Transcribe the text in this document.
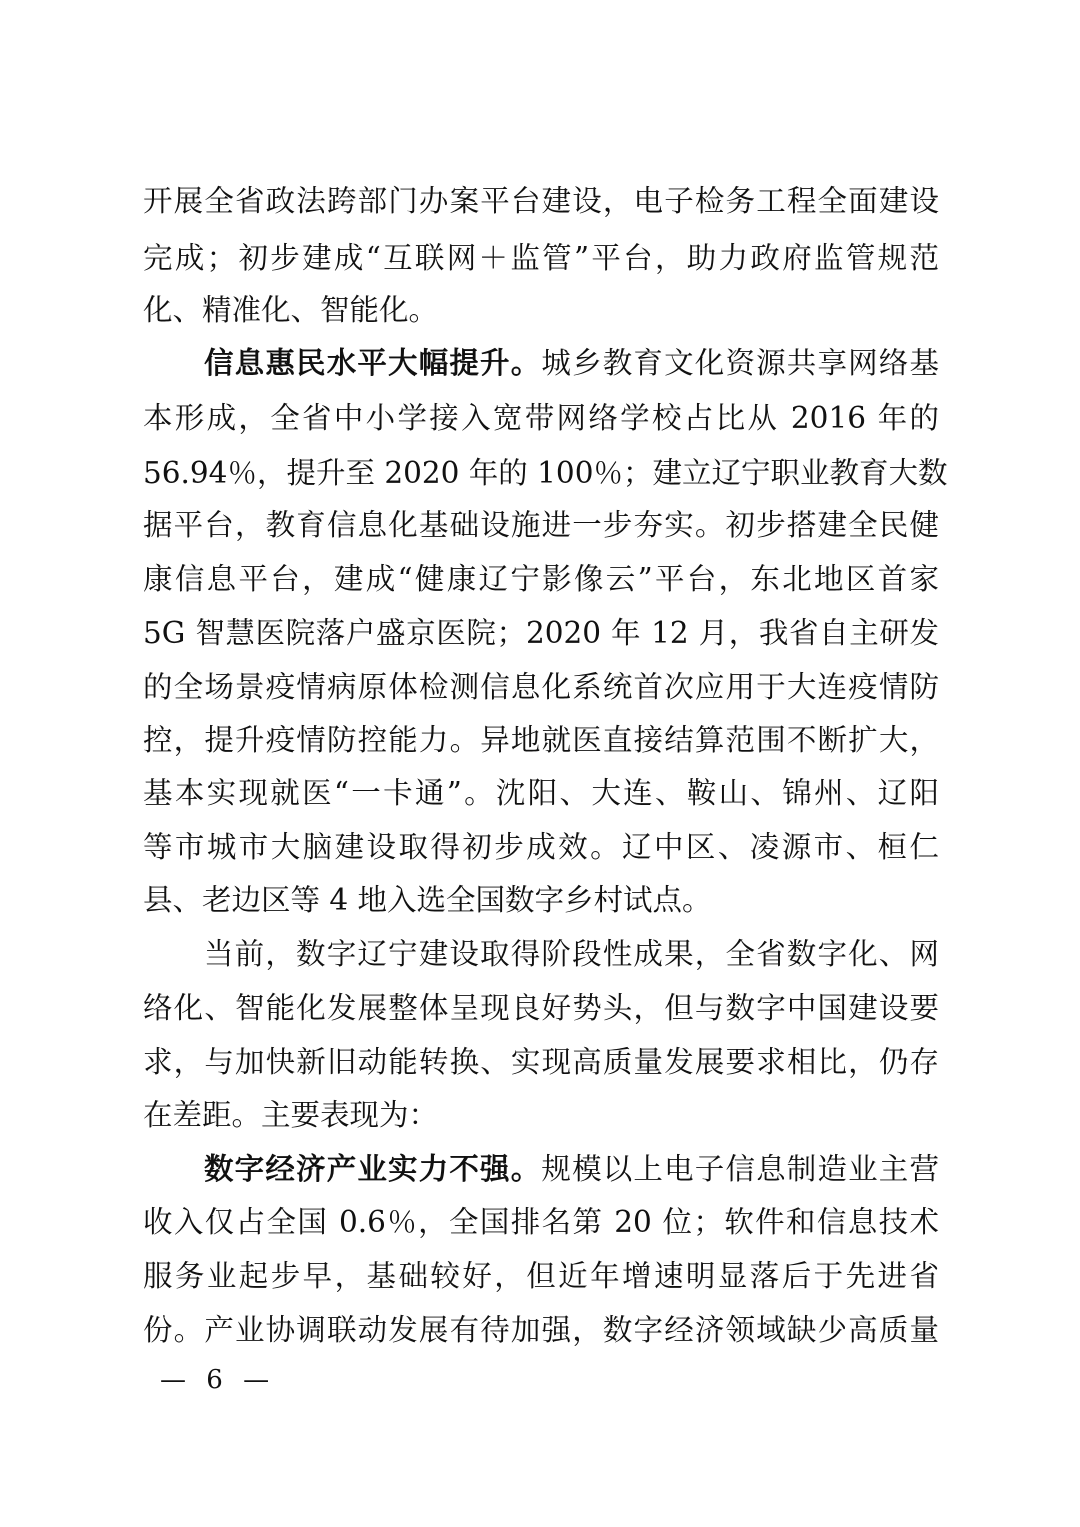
开展全省政法跨部门办案平台建设，电子检务工程全面建设
完成；初步建成“互联网＋监管”平台，助力政府监管规范
化、精准化、智能化。
信息惠民水平大幅提升。城乡教育文化资源共享网络基
本形成，全省中小学接入宽带网络学校占比从 2016 年的
56.94％，提升至 2020 年的 100％；建立辽宁职业教育大数
据平台，教育信息化基础设施进一步夯实。初步搭建全民健
康信息平台，建成“健康辽宁影像云”平台，东北地区首家
5G 智慧医院落户盛京医院；2020 年 12 月，我省自主研发
的全场景疫情病原体检测信息化系统首次应用于大连疫情防
控，提升疫情防控能力。异地就医直接结算范围不断扩大，
基本实现就医“一卡通”。沈阳、大连、鞍山、锦州、辽阳
等市城市大脑建设取得初步成效。辽中区、凌源市、桓仁
县、老边区等 4 地入选全国数字乡村试点。
当前，数字辽宁建设取得阶段性成果，全省数字化、网
络化、智能化发展整体呈现良好势头，但与数字中国建设要
求，与加快新旧动能转换、实现高质量发展要求相比，仍存
在差距。主要表现为：
数字经济产业实力不强。规模以上电子信息制造业主营
收入仅占全国 0.6％，全国排名第 20 位；软件和信息技术
服务业起步早，基础较好，但近年增速明显落后于先进省
份。产业协调联动发展有待加强，数字经济领域缺少高质量
— 6 —
